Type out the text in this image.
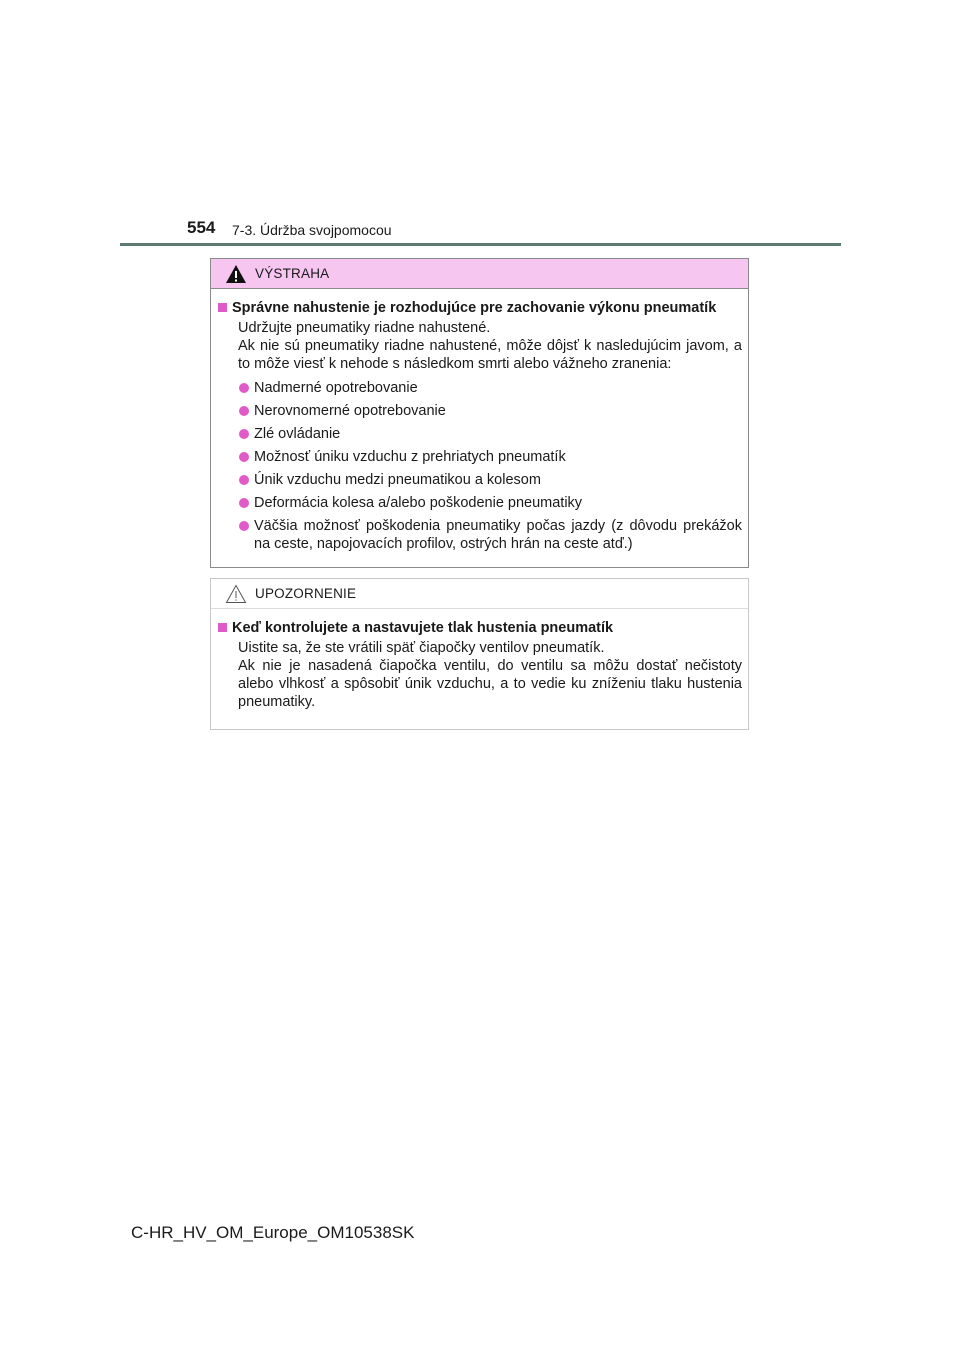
554 7-3. Údržba svojpomocou
VÝSTRAHA
Správne nahustenie je rozhodujúce pre zachovanie výkonu pneumatík
Udržujte pneumatiky riadne nahustené.
Ak nie sú pneumatiky riadne nahustené, môže dôjsť k nasledujúcim javom, a to môže viesť k nehode s následkom smrti alebo vážneho zranenia:
Nadmerné opotrebovanie
Nerovnomerné opotrebovanie
Zlé ovládanie
Možnosť úniku vzduchu z prehriatych pneumatík
Únik vzduchu medzi pneumatikou a kolesom
Deformácia kolesa a/alebo poškodenie pneumatiky
Väčšia možnosť poškodenia pneumatiky počas jazdy (z dôvodu prekážok na ceste, napojovacích profilov, ostrých hrán na ceste atď.)
UPOZORNENIE
Keď kontrolujete a nastavujete tlak hustenia pneumatík
Uistite sa, že ste vrátili späť čiapočky ventilov pneumatík.
Ak nie je nasadená čiapočka ventilu, do ventilu sa môžu dostať nečistoty alebo vlhkosť a spôsobiť únik vzduchu, a to vedie ku zníženiu tlaku hustenia pneumatiky.
C-HR_HV_OM_Europe_OM10538SK
